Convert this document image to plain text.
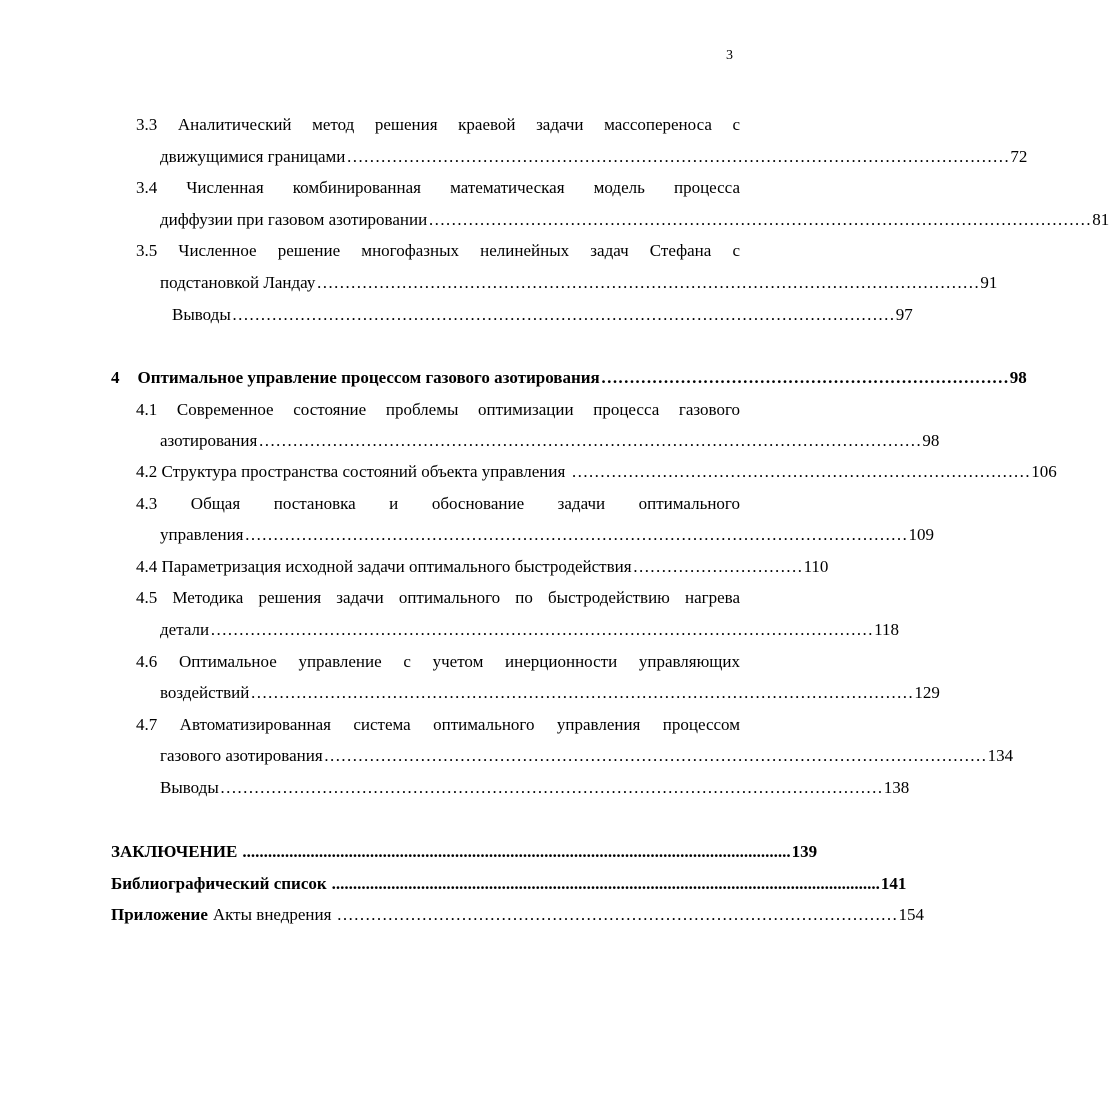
3
3.3 Аналитический метод решения краевой задачи массопереноса с
движущимися границами ……………………………………………………………………………………………………… 72
3.4 Численная комбинированная математическая модель процесса
диффузии при газовом азотировании ……………………………………………………………………………………………………… 81
3.5 Численное решение многофазных нелинейных задач Стефана с
подстановкой Ландау ……………………………………………………………………………………………………… 91
Выводы ……………………………………………………………………………………………………… 97
4 Оптимальное управление процессом газового азотирования ……………………………………………………………… 98
4.1 Современное состояние проблемы оптимизации процесса газового
азотирования ……………………………………………………………………………………………………… 98
4.2 Структура пространства состояний объекта управления ……………………………………………………………………… 106
4.3 Общая постановка и обоснование задачи оптимального
управления ……………………………………………………………………………………………………… 109
4.4 Параметризация исходной задачи оптимального быстродействия ………………………… 110
4.5 Методика решения задачи оптимального по быстродействию нагрева
детали ……………………………………………………………………………………………………… 118
4.6 Оптимальное управление с учетом инерционности управляющих
воздействий ……………………………………………………………………………………………………… 129
4.7 Автоматизированная система оптимального управления процессом
газового азотирования ……………………………………………………………………………………………………… 134
Выводы ……………………………………………………………………………………………………… 138
ЗАКЛЮЧЕНИЕ ................................................................................................................................. 139
Библиографический список ................................................................................................................................. 141
Приложение Акты внедрения ……………………………………………………………………………………… 154
